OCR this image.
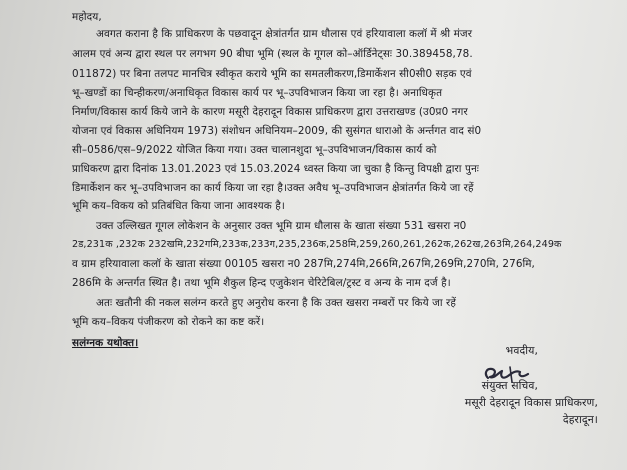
महोदय,
अवगत कराना है कि प्राधिकरण के पछवादून क्षेत्रांतर्गत ग्राम धौलास एवं हरियावाला कलॉ में श्री मंजर
आलम एवं अन्य द्वारा स्थल पर लगभग 90 बीघा भूमि (स्थल के गूगल को–ऑर्डिनेट्सः 30.389458,78.
011872) पर बिना तलपट मानचित्र स्वीकृत कराये भूमि का समतलीकरण,डिमार्केशन सी0सी0 सड़क एवं
भू–खण्डों का चिन्हीकरण/अनाधिकृत विकास कार्य पर भू–उपविभाजन किया जा रहा है। अनाधिकृत
निर्माण/विकास कार्य किये जाने के कारण मसूरी देहरादून विकास प्राधिकरण द्वारा उत्तराखण्ड (उ0प्र0 नगर
योजना एवं विकास अधिनियम 1973) संशोधन अधिनियम–2009, की सुसंगत धाराओ के अर्न्तगत वाद सं0
सी–0586/एस–9/2022 योजित किया गया। उक्त चालानशुदा भू–उपविभाजन/विकास कार्य को
प्राधिकरण द्वारा दिनांक 13.01.2023 एवं 15.03.2024 ध्वस्त किया जा चुका है किन्तु विपक्षी द्वारा पुनः
डिमार्केशन कर भू–उपविभाजन का कार्य किया जा रहा है।उक्त अवैध भू–उपविभाजन क्षेत्रांतर्गत किये जा रहें
भूमि कय–विकय को प्रतिबंधित किया जाना आवश्यक है।
उक्त उल्लिखत गूगल लोकेशन के अनुसार उक्त भूमि ग्राम धौलास के खाता संख्या 531 खसरा न0
2ड,231क ,232क 232खमि,232गमि,233क,233ग,235,236क,258मि,259,260,261,262क,262ख,263मि,264,249क
व ग्राम हरियावाला कलॉ के खाता संख्या 00105 खसरा न0 287मि,274मि,266मि,267मि,269मि,270मि, 276मि,
286मि के अन्तर्गत स्थित है। तथा भूमि शैकुल हिन्द एजुकेशन चेरिटेबिल/ट्रस्ट व अन्य के नाम दर्ज है।
अतः खतौनी की नकल सलंग्न करते हुए अनुरोध करना है कि उक्त खसरा नम्बरों पर किये जा रहें
भूमि कय–विकय पंजीकरण को रोकने का कष्ट करें।
सलंग्नक यथोक्त।
भवदीय,
संयुक्त सचिव,
मसूरी देहरादून विकास प्राधिकरण,
देहरादून।
